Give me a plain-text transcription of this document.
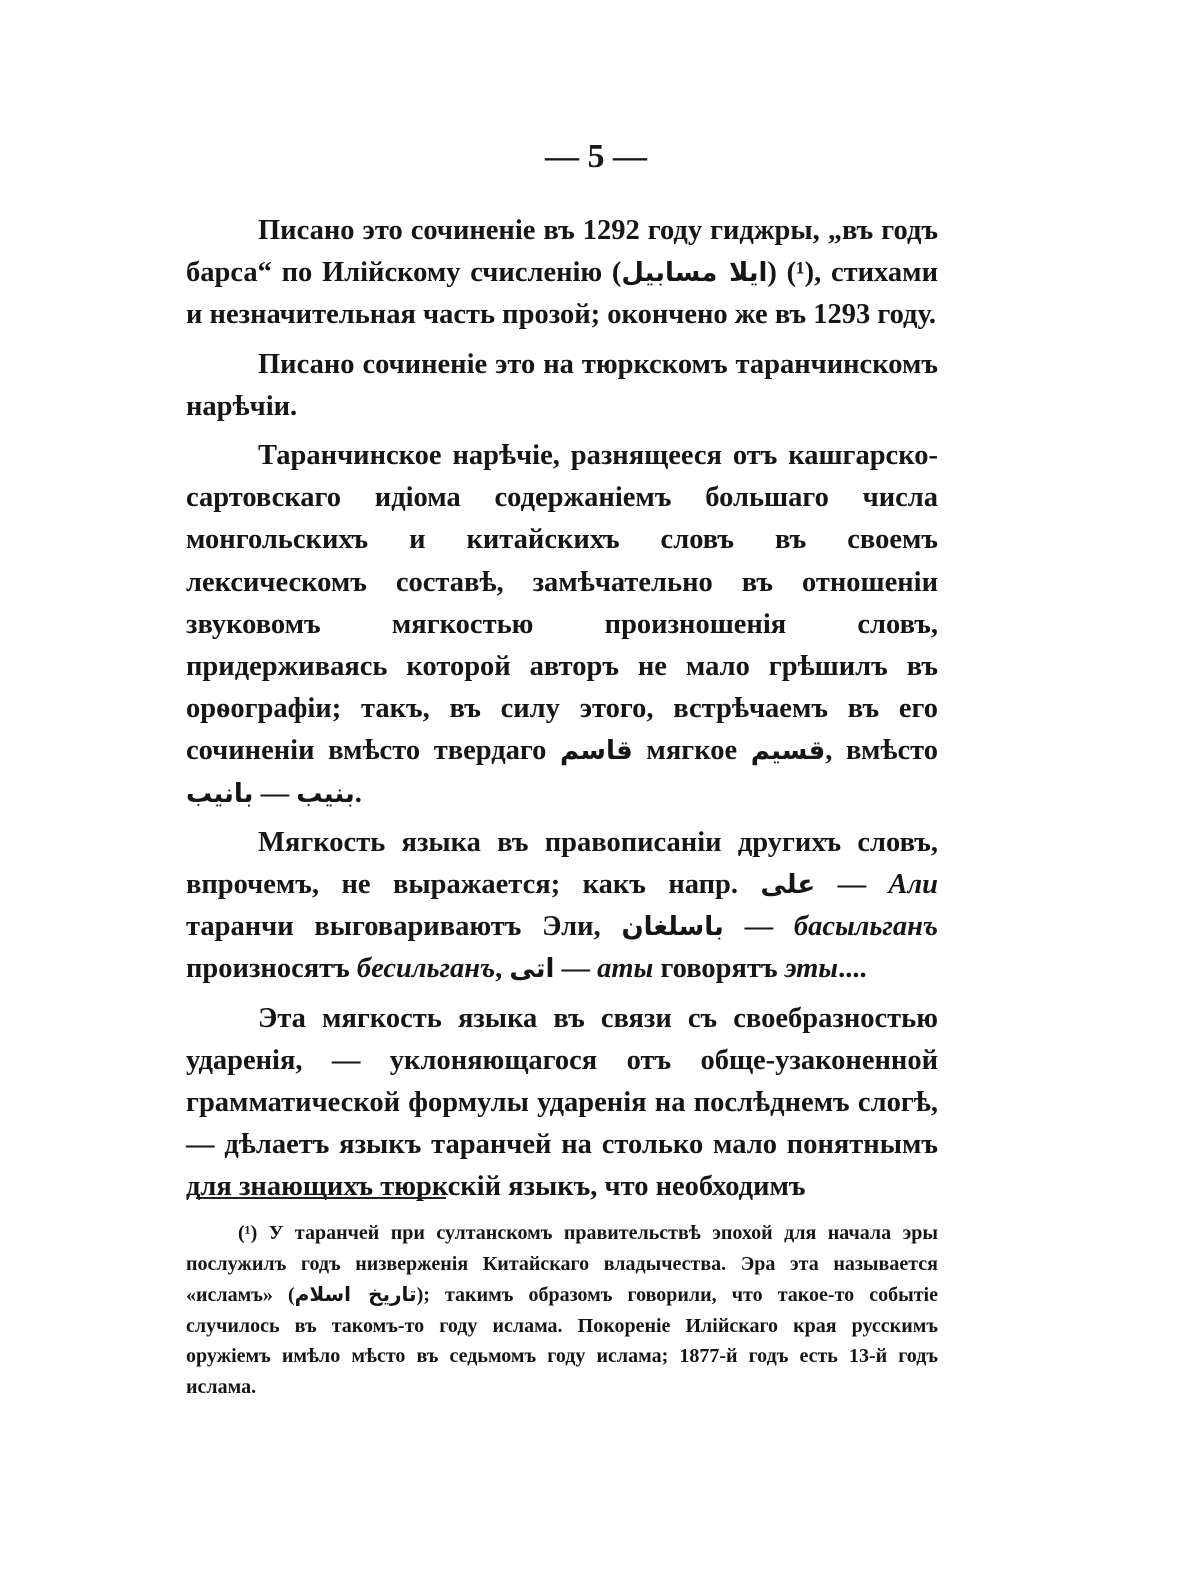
— 5 —

Писано это сочиненіе въ 1292 году гиджры, „въ годъ барса“ по Илійскому счисленію (ایلا مسابیل) (¹), стихами и незначительная часть прозой; окончено же въ 1293 году.

Писано сочиненіе это на тюркскомъ таранчинскомъ нарѣчіи.

Таранчинское нарѣчіе, разнящееся отъ кашгарско-сартовскаго идіома содержаніемъ большаго числа монгольскихъ и китайскихъ словъ въ своемъ лексическомъ составѣ, замѣчательно въ отношеніи звуковомъ мягкостью произношенія словъ, придерживаясь которой авторъ не мало грѣшилъ въ орѳографіи; такъ, въ силу этого, встрѣчаемъ въ его сочиненіи вмѣсто твердаго قاسم мягкое قسیم, вмѣсто بانیب — بنیب.

Мягкость языка въ правописаніи другихъ словъ, впрочемъ, не выражается; какъ напр. علی — Али таранчи выговариваютъ Эли, باسلغان — басыльганъ произносятъ бесильганъ, اتی — аты говорятъ эты....

Эта мягкость языка въ связи съ своебразностью ударенія, — уклоняющагося отъ обще-узаконенной грамматической формулы ударенія на послѣднемъ слогѣ, — дѣлаетъ языкъ таранчей на столько мало понятнымъ для знающихъ тюркскій языкъ, что необходимъ

(¹) У таранчей при султанскомъ правительствѣ эпохой для начала эры послужилъ годъ низверженія Китайскаго владычества. Эра эта называется «исламъ» (تاریخ اسلام); такимъ образомъ говорили, что такое-то событіе случилось въ такомъ-то году ислама. Покореніе Илійскаго края русскимъ оружіемъ имѣло мѣсто въ седьмомъ году ислама; 1877-й годъ есть 13-й годъ ислама.
